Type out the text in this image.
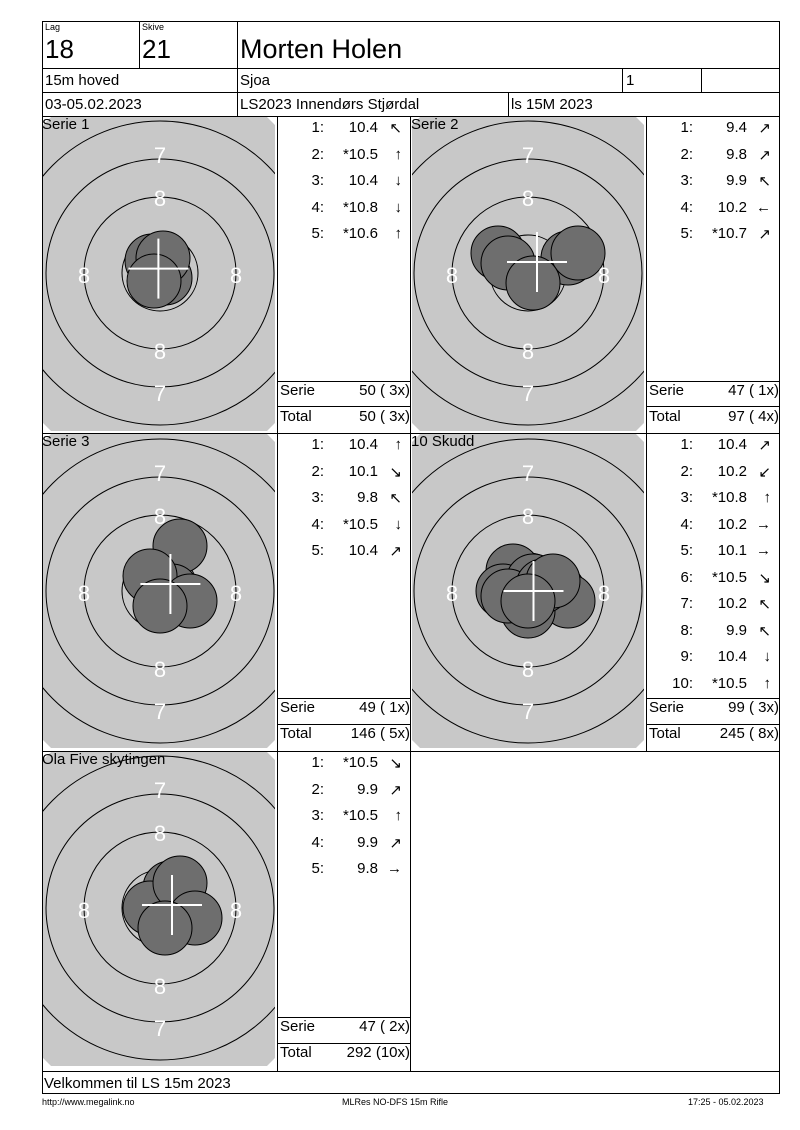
Lag
18
Skive
21	Morten Holen
15m hoved	Sjoa	1
03-05.02.2023	LS2023 Innendørs Stjørdal	ls 15M 2023
7
8
8	8
8
7
Serie 1	1: 10.4 ↖
2: *10.5 ↑
3: 10.4 ↓
4: *10.8 ↓
5: *10.6 ↑
Serie	50 ( 3x)
Total	50 ( 3x)
7
8
8	8
8
7
Serie 2	1: 9.4 ↗
2: 9.8 ↗
3: 9.9 ↖
4: 10.2 ←
5: *10.7 ↗
Serie	47 ( 1x)
Total	97 ( 4x)
7
8
8	8
8
7
Serie 3	1: 10.4 ↑
2: 10.1 ↘
3: 9.8 ↖
4: *10.5 ↓
5: 10.4 ↗
Serie	49 ( 1x)
Total	146 ( 5x)
7
8
8	8
8
7
10 Skudd	1: 10.4 ↗
2: 10.2 ↙
3: *10.8 ↑
4: 10.2 →
5: 10.1 →
6: *10.5 ↘
7: 10.2 ↖
8: 9.9 ↖
9: 10.4 ↓
10: *10.5 ↑
Serie	99 ( 3x)
Total	245 ( 8x)
7
8
8	8
8
7
Ola Five skytingen	1: *10.5 ↘
2: 9.9 ↗
3: *10.5 ↑
4: 9.9 ↗
5: 9.8 →
Serie	47 ( 2x)
Total 292 (10x)
Velkommen til LS 15m 2023
http://www.megalink.no	MLRes NO-DFS 15m Rifle	17:25 - 05.02.2023
